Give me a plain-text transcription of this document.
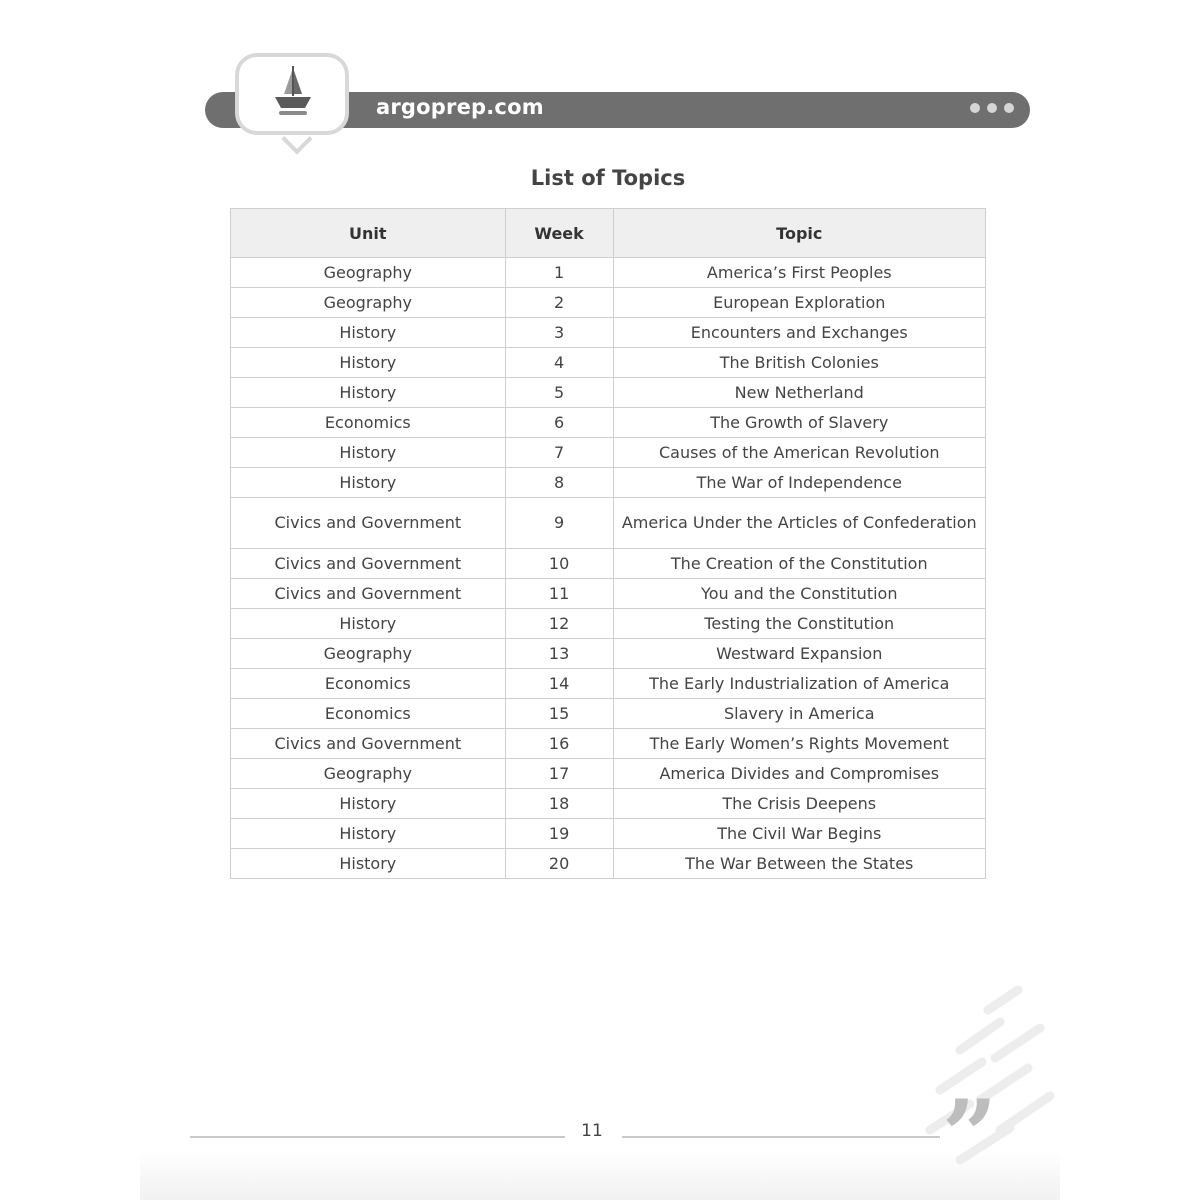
argoprep.com
List of Topics
Unit	Week	Topic
Geography	1	America’s First Peoples
Geography	2	European Exploration
History	3	Encounters and Exchanges
History	4	The British Colonies
History	5	New Netherland
Economics	6	The Growth of Slavery
History	7	Causes of the American Revolution
History	8	The War of Independence
Civics and Government	9	America Under the Articles of Confederation
Civics and Government	10	The Creation of the Constitution
Civics and Government	11	You and the Constitution
History	12	Testing the Constitution
Geography	13	Westward Expansion
Economics	14	The Early Industrialization of America
Economics	15	Slavery in America
Civics and Government	16	The Early Women’s Rights Movement
Geography	17	America Divides and Compromises
History	18	The Crisis Deepens
History	19	The Civil War Begins
History	20	The War Between the States
11	”
